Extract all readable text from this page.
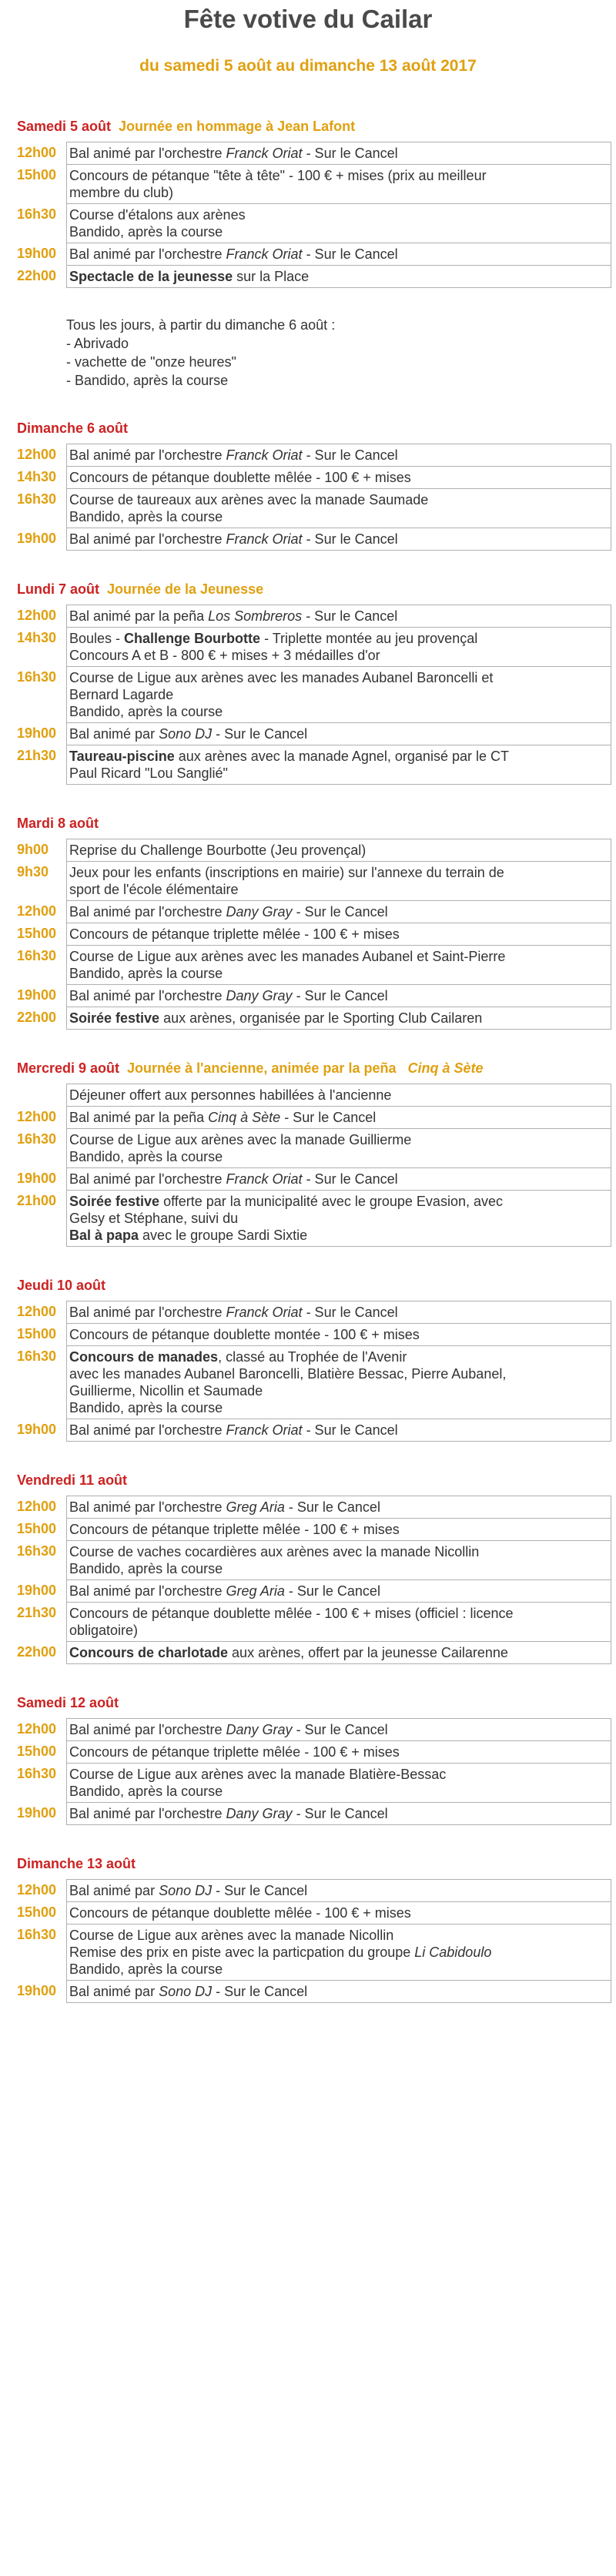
Fête votive du Cailar
du samedi 5 août au dimanche 13 août 2017
Samedi 5 août Journée en hommage à Jean Lafont
12h00	Bal animé par l'orchestre Franck Oriat - Sur le Cancel

15h00	Concours de pétanque "tête à tête" - 100 € + mises (prix au meilleur
membre du club)

16h30	Course d'étalons aux arènes
Bandido, après la course

19h00	Bal animé par l'orchestre Franck Oriat - Sur le Cancel

22h00	Spectacle de la jeunesse sur la Place
Tous les jours, à partir du dimanche 6 août :
- Abrivado
- vachette de "onze heures"
- Bandido, après la course
Dimanche 6 août
12h00	Bal animé par l'orchestre Franck Oriat - Sur le Cancel

14h30	Concours de pétanque doublette mêlée - 100 € + mises

16h30	Course de taureaux aux arènes avec la manade Saumade
Bandido, après la course

19h00	Bal animé par l'orchestre Franck Oriat - Sur le Cancel
Lundi 7 août Journée de la Jeunesse
12h00	Bal animé par la peña Los Sombreros - Sur le Cancel

14h30	Boules - Challenge Bourbotte - Triplette montée au jeu provençal
Concours A et B - 800 € + mises + 3 médailles d'or

16h30	Course de Ligue aux arènes avec les manades Aubanel Baroncelli et
Bernard Lagarde
Bandido, après la course

19h00	Bal animé par Sono DJ - Sur le Cancel

21h30	Taureau-piscine aux arènes avec la manade Agnel, organisé par le CT
Paul Ricard "Lou Sanglié"
Mardi 8 août
9h00	Reprise du Challenge Bourbotte (Jeu provençal)

9h30	Jeux pour les enfants (inscriptions en mairie) sur l'annexe du terrain de
sport de l'école élémentaire

12h00	Bal animé par l'orchestre Dany Gray - Sur le Cancel

15h00	Concours de pétanque triplette mêlée - 100 € + mises

16h30	Course de Ligue aux arènes avec les manades Aubanel et Saint-Pierre
Bandido, après la course

19h00	Bal animé par l'orchestre Dany Gray - Sur le Cancel

22h00	Soirée festive aux arènes, organisée par le Sporting Club Cailaren
Mercredi 9 août Journée à l'ancienne, animée par la peña Cinq à Sète

	Déjeuner offert aux personnes habillées à l'ancienne

12h00	Bal animé par la peña Cinq à Sète - Sur le Cancel

16h30	Course de Ligue aux arènes avec la manade Guillierme
Bandido, après la course

19h00	Bal animé par l'orchestre Franck Oriat - Sur le Cancel

21h00	Soirée festive offerte par la municipalité avec le groupe Evasion, avec
Gelsy et Stéphane, suivi du
Bal à papa avec le groupe Sardi Sixtie
Jeudi 10 août
12h00	Bal animé par l'orchestre Franck Oriat - Sur le Cancel

15h00	Concours de pétanque doublette montée - 100 € + mises

16h30	Concours de manades, classé au Trophée de l'Avenir
avec les manades Aubanel Baroncelli, Blatière Bessac, Pierre Aubanel,
Guillierme, Nicollin et Saumade
Bandido, après la course

19h00	Bal animé par l'orchestre Franck Oriat - Sur le Cancel
Vendredi 11 août
12h00	Bal animé par l'orchestre Greg Aria - Sur le Cancel

15h00	Concours de pétanque triplette mêlée - 100 € + mises

16h30	Course de vaches cocardières aux arènes avec la manade Nicollin
Bandido, après la course

19h00	Bal animé par l'orchestre Greg Aria - Sur le Cancel

21h30	Concours de pétanque doublette mêlée - 100 € + mises (officiel : licence
obligatoire)

22h00	Concours de charlotade aux arènes, offert par la jeunesse Cailarenne
Samedi 12 août
12h00	Bal animé par l'orchestre Dany Gray - Sur le Cancel

15h00	Concours de pétanque triplette mêlée - 100 € + mises

16h30	Course de Ligue aux arènes avec la manade Blatière-Bessac
Bandido, après la course

19h00	Bal animé par l'orchestre Dany Gray - Sur le Cancel
Dimanche 13 août
12h00	Bal animé par Sono DJ - Sur le Cancel

15h00	Concours de pétanque doublette mêlée - 100 € + mises

16h30	Course de Ligue aux arènes avec la manade Nicollin
Remise des prix en piste avec la particpation du groupe Li Cabidoulo
Bandido, après la course

19h00	Bal animé par Sono DJ - Sur le Cancel
